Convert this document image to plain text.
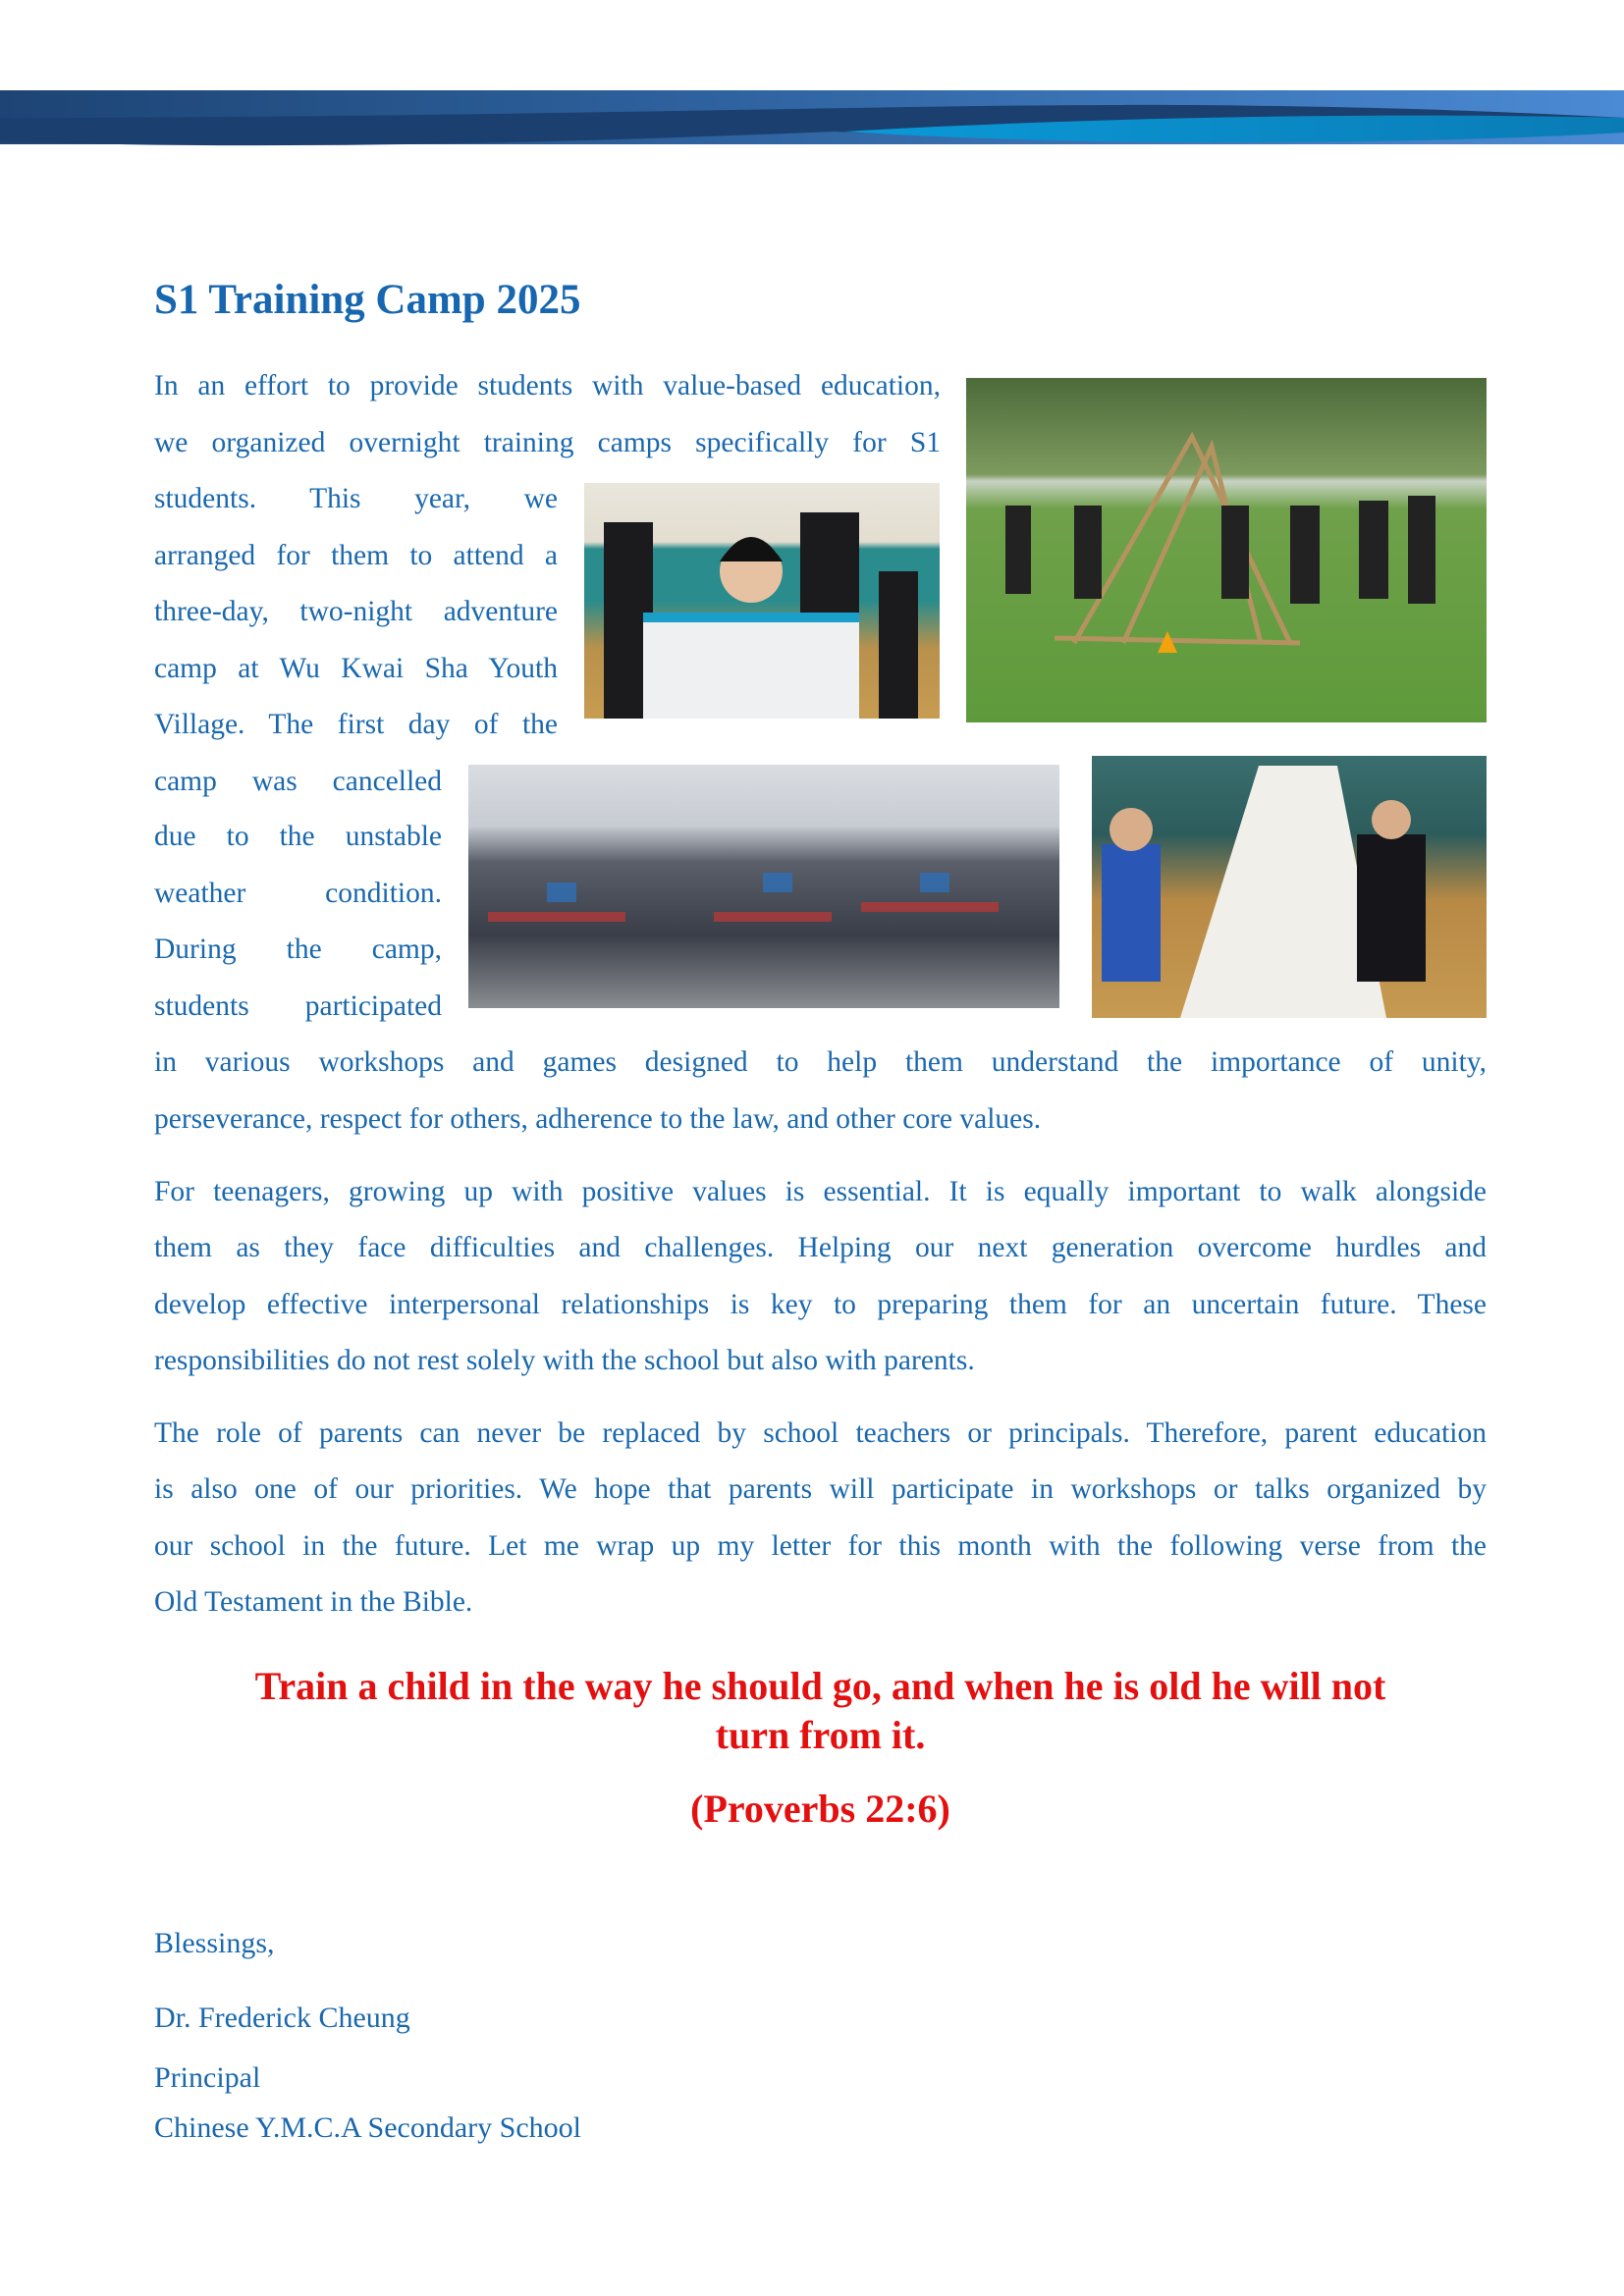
S1 Training Camp 2025
In an effort to provide students with value-based education,
we organized overnight training camps specifically for S1
students. This year, we
arranged for them to attend a
three-day, two-night adventure
camp at Wu Kwai Sha Youth
Village. The first day of the
camp was cancelled
due to the unstable
weather condition.
During the camp,
students participated
in various workshops and games designed to help them understand the importance of unity,
perseverance, respect for others, adherence to the law, and other core values.
For teenagers, growing up with positive values is essential. It is equally important to walk alongside
them as they face difficulties and challenges. Helping our next generation overcome hurdles and
develop effective interpersonal relationships is key to preparing them for an uncertain future. These
responsibilities do not rest solely with the school but also with parents.
The role of parents can never be replaced by school teachers or principals. Therefore, parent education
is also one of our priorities. We hope that parents will participate in workshops or talks organized by
our school in the future. Let me wrap up my letter for this month with the following verse from the
Old Testament in the Bible.
Train a child in the way he should go, and when he is old he will not
turn from it.
(Proverbs 22:6)
Blessings,
Dr. Frederick Cheung
Principal
Chinese Y.M.C.A Secondary School
